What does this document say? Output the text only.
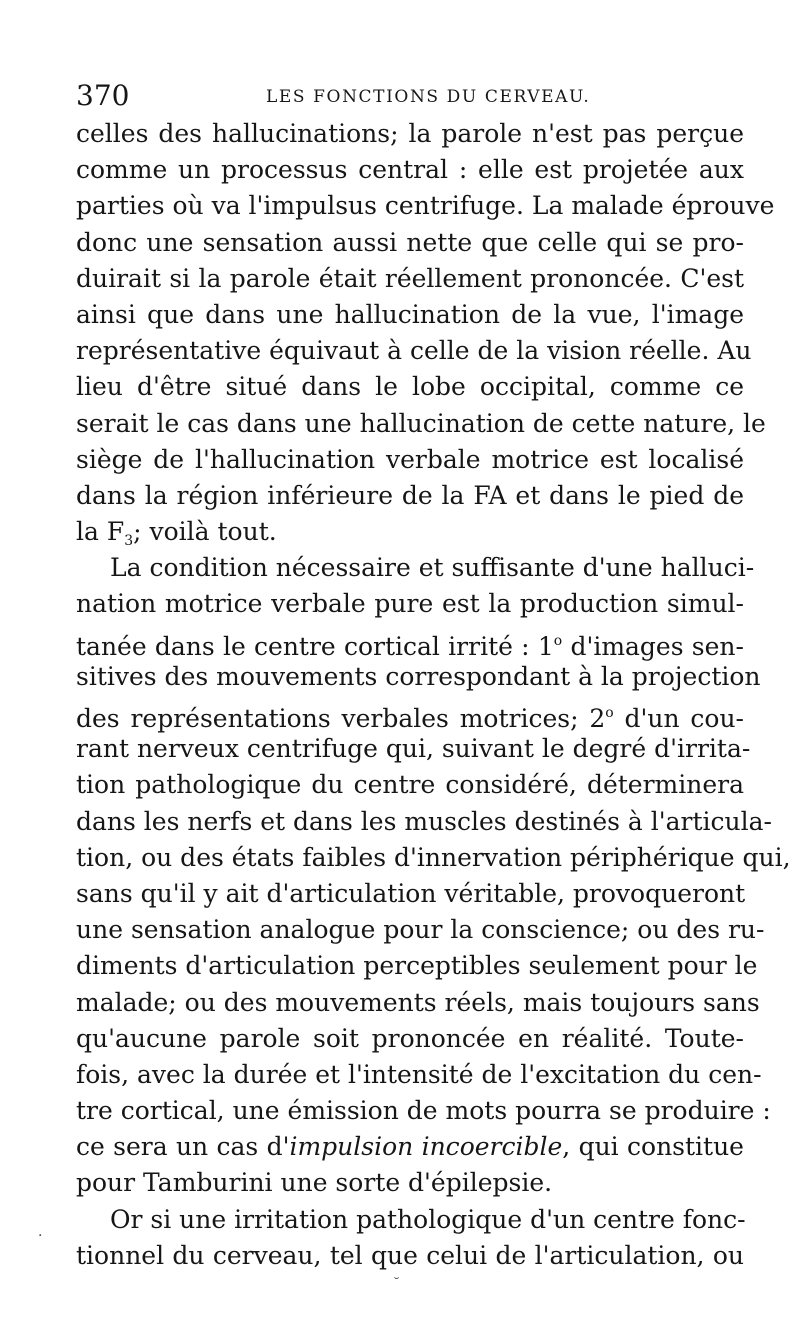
370	LES FONCTIONS DU CERVEAU.
celles des hallucinations; la parole n'est pas perçue
comme un processus central : elle est projetée aux
parties où va l'impulsus centrifuge. La malade éprouve
donc une sensation aussi nette que celle qui se pro-
duirait si la parole était réellement prononcée. C'est
ainsi que dans une hallucination de la vue, l'image
représentative équivaut à celle de la vision réelle. Au
lieu d'être situé dans le lobe occipital, comme ce
serait le cas dans une hallucination de cette nature, le
siège de l'hallucination verbale motrice est localisé
dans la région inférieure de la FA et dans le pied de
la $F_3$; voilà tout.
La condition nécessaire et suffisante d'une halluci-
nation motrice verbale pure est la production simul-
tanée dans le centre cortical irrité : 1$^o$ d'images sen-
sitives des mouvements correspondant à la projection
des représentations verbales motrices; 2$^o$ d'un cou-
rant nerveux centrifuge qui, suivant le degré d'irrita-
tion pathologique du centre considéré, déterminera
dans les nerfs et dans les muscles destinés à l'articula-
tion, ou des états faibles d'innervation périphérique qui,
sans qu'il y ait d'articulation véritable, provoqueront
une sensation analogue pour la conscience; ou des ru-
diments d'articulation perceptibles seulement pour le
malade; ou des mouvements réels, mais toujours sans
qu'aucune parole soit prononcée en réalité. Toute-
fois, avec la durée et l'intensité de l'excitation du cen-
tre cortical, une émission de mots pourra se produire :
ce sera un cas d'impulsion incoercible, qui constitue
pour Tamburini une sorte d'épilepsie.
Or si une irritation pathologique d'un centre fonc-
tionnel du cerveau, tel que celui de l'articulation, ou
·
˘
